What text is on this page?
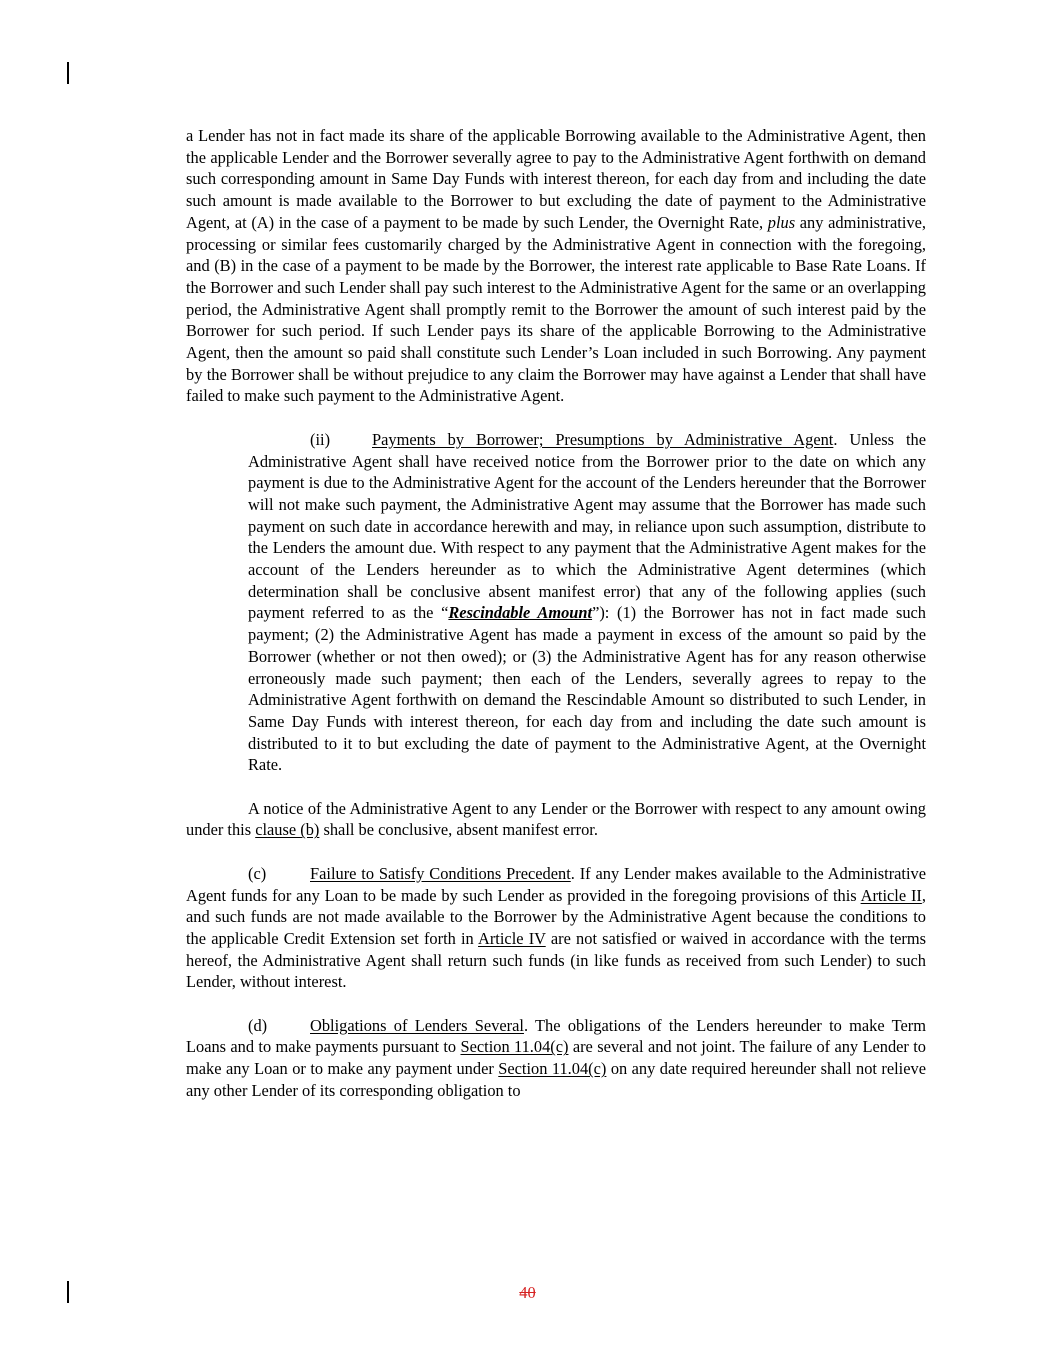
a Lender has not in fact made its share of the applicable Borrowing available to the Administrative Agent, then the applicable Lender and the Borrower severally agree to pay to the Administrative Agent forthwith on demand such corresponding amount in Same Day Funds with interest thereon, for each day from and including the date such amount is made available to the Borrower to but excluding the date of payment to the Administrative Agent, at (A) in the case of a payment to be made by such Lender, the Overnight Rate, plus any administrative, processing or similar fees customarily charged by the Administrative Agent in connection with the foregoing, and (B) in the case of a payment to be made by the Borrower, the interest rate applicable to Base Rate Loans. If the Borrower and such Lender shall pay such interest to the Administrative Agent for the same or an overlapping period, the Administrative Agent shall promptly remit to the Borrower the amount of such interest paid by the Borrower for such period. If such Lender pays its share of the applicable Borrowing to the Administrative Agent, then the amount so paid shall constitute such Lender’s Loan included in such Borrowing. Any payment by the Borrower shall be without prejudice to any claim the Borrower may have against a Lender that shall have failed to make such payment to the Administrative Agent.

(ii)	Payments by Borrower; Presumptions by Administrative Agent. Unless the Administrative Agent shall have received notice from the Borrower prior to the date on which any payment is due to the Administrative Agent for the account of the Lenders hereunder that the Borrower will not make such payment, the Administrative Agent may assume that the Borrower has made such payment on such date in accordance herewith and may, in reliance upon such assumption, distribute to the Lenders the amount due. With respect to any payment that the Administrative Agent makes for the account of the Lenders hereunder as to which the Administrative Agent determines (which determination shall be conclusive absent manifest error) that any of the following applies (such payment referred to as the “Rescindable Amount”): (1) the Borrower has not in fact made such payment; (2) the Administrative Agent has made a payment in excess of the amount so paid by the Borrower (whether or not then owed); or (3) the Administrative Agent has for any reason otherwise erroneously made such payment; then each of the Lenders, severally agrees to repay to the Administrative Agent forthwith on demand the Rescindable Amount so distributed to such Lender, in Same Day Funds with interest thereon, for each day from and including the date such amount is distributed to it to but excluding the date of payment to the Administrative Agent, at the Overnight Rate.

A notice of the Administrative Agent to any Lender or the Borrower with respect to any amount owing under this clause (b) shall be conclusive, absent manifest error.

(c)	Failure to Satisfy Conditions Precedent. If any Lender makes available to the Administrative Agent funds for any Loan to be made by such Lender as provided in the foregoing provisions of this Article II, and such funds are not made available to the Borrower by the Administrative Agent because the conditions to the applicable Credit Extension set forth in Article IV are not satisfied or waived in accordance with the terms hereof, the Administrative Agent shall return such funds (in like funds as received from such Lender) to such Lender, without interest.

(d)	Obligations of Lenders Several. The obligations of the Lenders hereunder to make Term Loans and to make payments pursuant to Section 11.04(c) are several and not joint. The failure of any Lender to make any Loan or to make any payment under Section 11.04(c) on any date required hereunder shall not relieve any other Lender of its corresponding obligation to

40
